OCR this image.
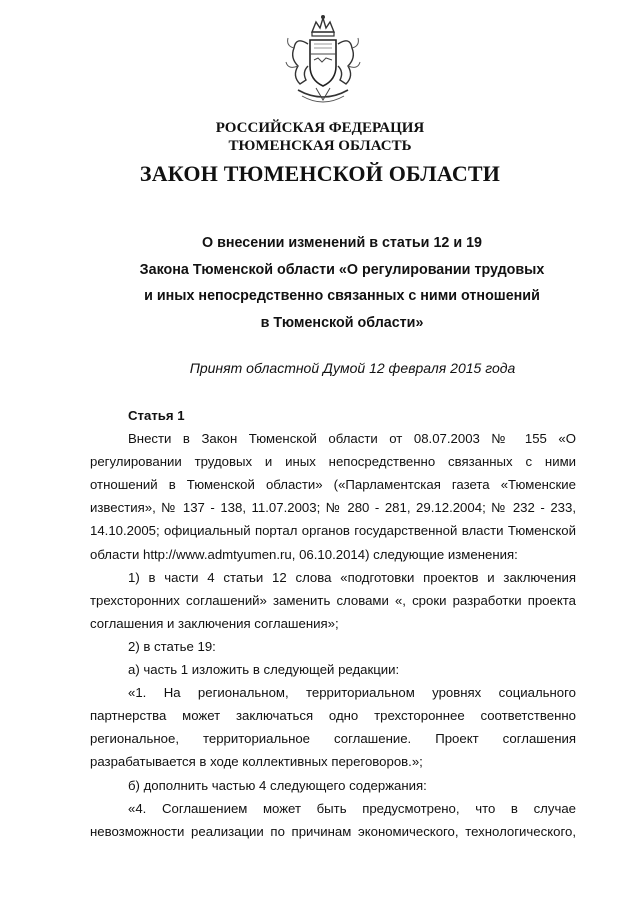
РОССИЙСКАЯ ФЕДЕРАЦИЯ
ТЮМЕНСКАЯ ОБЛАСТЬ
ЗАКОН ТЮМЕНСКОЙ ОБЛАСТИ
О внесении изменений в статьи 12 и 19
Закона Тюменской области «О регулировании трудовых
и иных непосредственно связанных с ними отношений
в Тюменской области»
Принят областной Думой 12 февраля 2015 года

Статья 1

Внести в Закон Тюменской области от 08.07.2003 № 155 «О регулировании трудовых и иных непосредственно связанных с ними отношений в Тюменской области» («Парламентская газета «Тюменские известия», № 137 - 138, 11.07.2003; № 280 - 281, 29.12.2004; № 232 - 233, 14.10.2005; официальный портал органов государственной власти Тюменской области http://www.admtyumen.ru, 06.10.2014) следующие изменения:

1) в части 4 статьи 12 слова «подготовки проектов и заключения трехсторонних соглашений» заменить словами «, сроки разработки проекта соглашения и заключения соглашения»;

2) в статье 19:

а) часть 1 изложить в следующей редакции:

«1. На региональном, территориальном уровнях социального партнерства может заключаться одно трехстороннее соответственно региональное, территориальное соглашение. Проект соглашения разрабатывается в ходе коллективных переговоров.»;

б) дополнить частью 4 следующего содержания:

«4. Соглашением может быть предусмотрено, что в случае невозможности реализации по причинам экономического, технологического,
